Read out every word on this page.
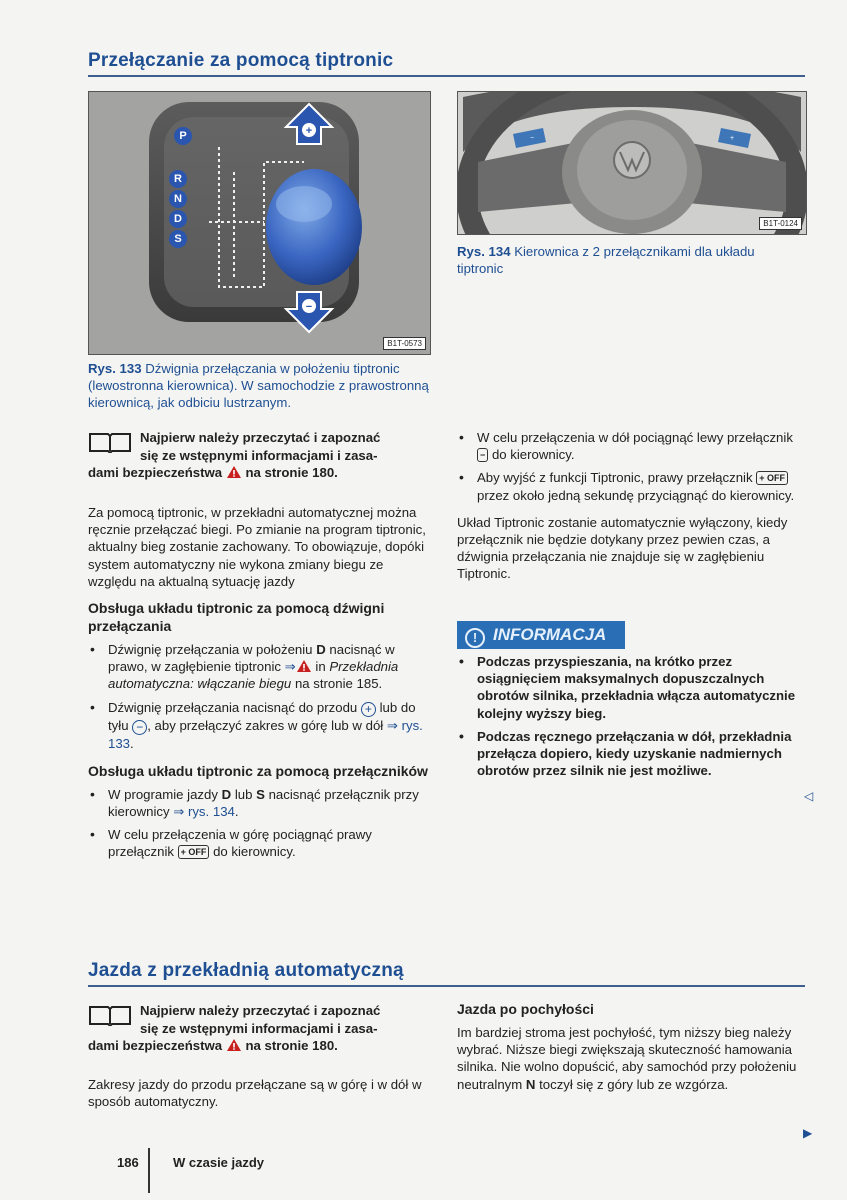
Przełączanie za pomocą tiptronic
+
−
P
R
N
D
S
B1T-0573
Rys. 133 Dźwignia przełączania w położeniu tiptronic (lewostronna kierownica). W samochodzie z prawostronną kierownicą, jak odbiciu lustrzanym.
−	+
B1T-0124
Rys. 134 Kierownica z 2 przełącznikami dla układu tiptronic
Najpierw należy przeczytać i zapoznać
się ze wstępnymi informacjami i zasa-
dami bezpieczeństwa na stronie 180.

Za pomocą tiptronic, w przekładni automatycznej można ręcznie przełączać biegi. Po zmianie na program tiptronic, aktualny bieg zostanie zachowany. To obowiązuje, dopóki system automatyczny nie wykona zmiany biegu ze względu na aktualną sytuację jazdy

Obsługa układu tiptronic za pomocą dźwigni przełączania
• Dźwignię przełączania w położeniu D nacisnąć w prawo, w zagłębienie tiptronic ⇒ in Przekładnia automatyczna: włączanie biegu na stronie 185.
• Dźwignię przełączania nacisnąć do przodu + lub do tyłu − , aby przełączyć zakres w górę lub w dół ⇒ rys. 133.
Obsługa układu tiptronic za pomocą przełączników
• W programie jazdy D lub S nacisnąć przełącznik przy kierownicy ⇒ rys. 134.
• W celu przełączenia w górę pociągnąć prawy przełącznik + OFF do kierownicy.
• W celu przełączenia w dół pociągnąć lewy przełącznik − do kierownicy.
• Aby wyjść z funkcji Tiptronic, prawy przełącznik + OFF przez około jedną sekundę przyciągnąć do kierownicy.

Układ Tiptronic zostanie automatycznie wyłączony, kiedy przełącznik nie będzie dotykany przez pewien czas, a dźwignia przełączania nie znajduje się w zagłębieniu Tiptronic.

! INFORMACJA
• Podczas przyspieszania, na krótko przez osiągnięciem maksymalnych dopuszczalnych obrotów silnika, przekładnia włącza automatycznie kolejny wyższy bieg.
• Podczas ręcznego przełączania w dół, przekładnia przełącza dopiero, kiedy uzyskanie nadmiernych obrotów przez silnik nie jest możliwe.
◁
Jazda z przekładnią automatyczną
Najpierw należy przeczytać i zapoznać
się ze wstępnymi informacjami i zasa-
dami bezpieczeństwa na stronie 180.
Zakresy jazdy do przodu przełączane są w górę i w dół w sposób automatyczny.
Jazda po pochyłości

Im bardziej stroma jest pochyłość, tym niższy bieg należy wybrać. Niższe biegi zwiększają skuteczność hamowania silnika. Nie wolno dopuścić, aby samochód przy położeniu neutralnym N toczył się z góry lub ze wzgórza.

▶
186	W czasie jazdy
